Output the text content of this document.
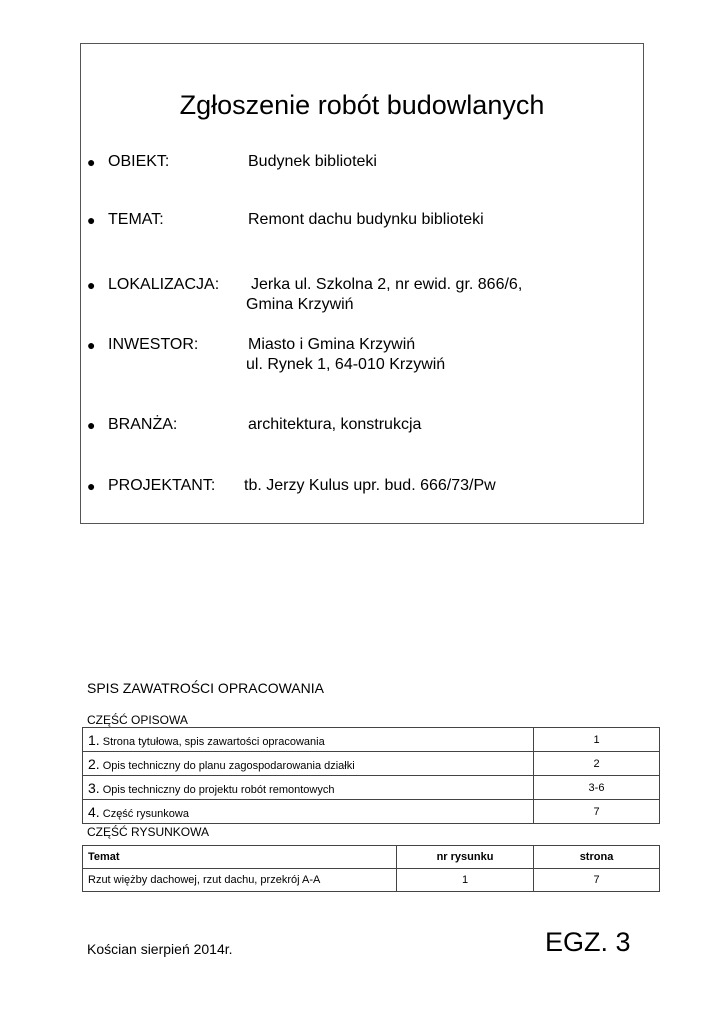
Zgłoszenie robót budowlanych
● OBIEKT:	Budynek biblioteki
● TEMAT:	Remont dachu budynku biblioteki
● LOKALIZACJA: Jerka ul. Szkolna 2, nr ewid. gr. 866/6,
Gmina Krzywiń
● INWESTOR:	Miasto i Gmina Krzywiń
ul. Rynek 1, 64-010 Krzywiń
● BRANŻA:	architektura, konstrukcja
● PROJEKTANT: tb. Jerzy Kulus upr. bud. 666/73/Pw
SPIS ZAWATROŚCI OPRACOWANIA
CZĘŚĆ OPISOWA
1. Strona tytułowa, spis zawartości opracowania	1
2. Opis techniczny do planu zagospodarowania działki	2
3. Opis techniczny do projektu robót remontowych	3-6
4. Część rysunkowa	7
CZĘŚĆ RYSUNKOWA
Temat	nr rysunku	strona
Rzut więżby dachowej, rzut dachu, przekrój A-A	1	7
Kościan sierpień 2014r.	EGZ. 3
